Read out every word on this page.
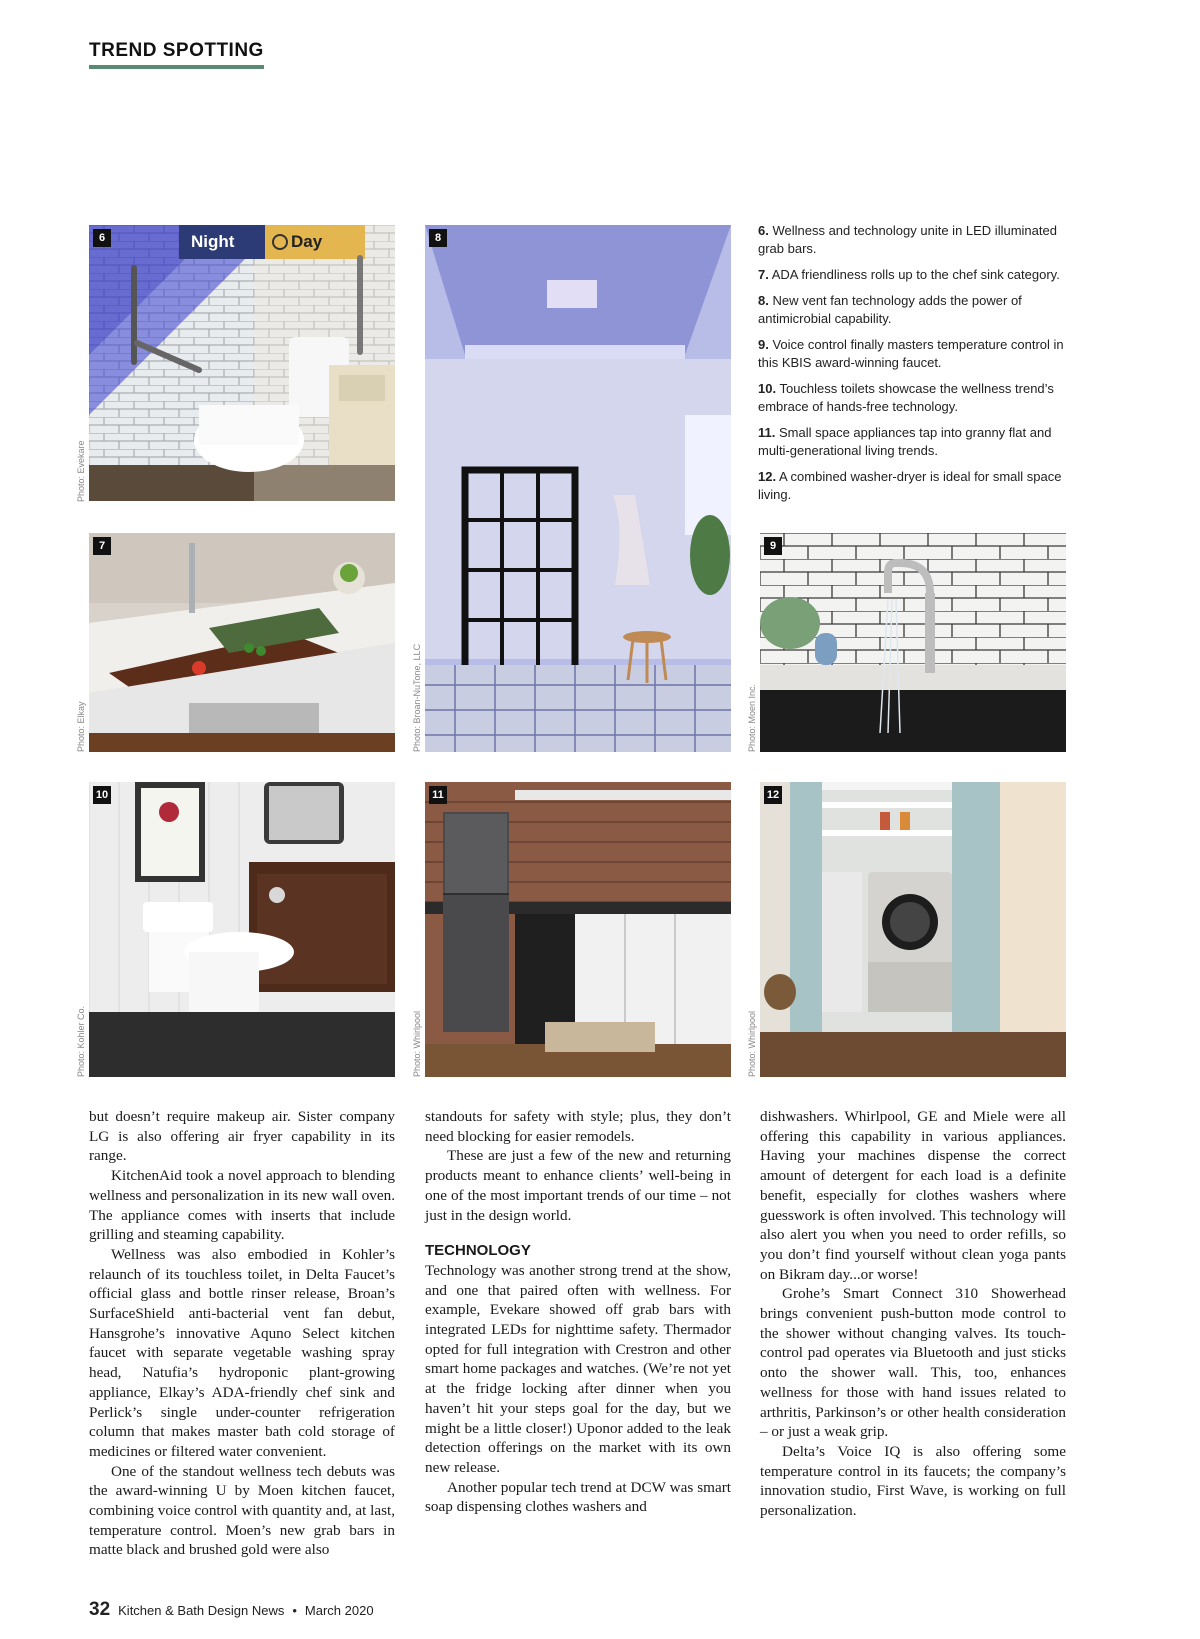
TREND SPOTTING
6	Night	Day
Photo: Evekare
7
Photo: Elkay
8
Photo: Broan-NuTone, LLC

6. Wellness and technology unite in LED illuminated grab bars.

7. ADA friendliness rolls up to the chef sink category.

8. New vent fan technology adds the power of antimicrobial capability.

9. Voice control finally masters temperature control in this KBIS award-winning faucet.

10. Touchless toilets showcase the wellness trend’s embrace of hands-free technology.

11. Small space appliances tap into granny flat and multi-generational living trends.

12. A combined washer-dryer is ideal for small space living.

9
Photo: Moen Inc.
10
Photo: Kohler Co.
11
Photo: Whirlpool
12
Photo: Whirlpool

but doesn’t require makeup air. Sister company LG is also offering air fryer capability in its range.

KitchenAid took a novel approach to blending wellness and personalization in its new wall oven. The appliance comes with inserts that include grilling and steaming capability.

Wellness was also embodied in Kohler’s relaunch of its touchless toilet, in Delta Faucet’s official glass and bottle rinser release, Broan’s SurfaceShield anti-bacterial vent fan debut, Hansgrohe’s innovative Aquno Select kitchen faucet with separate vegetable washing spray head, Natufia’s hydroponic plant-growing appliance, Elkay’s ADA-friendly chef sink and Perlick’s single under-counter refrigeration column that makes master bath cold storage of medicines or filtered water convenient.

One of the standout wellness tech debuts was the award-winning U by Moen kitchen faucet, combining voice control with quantity and, at last, temperature control. Moen’s new grab bars in matte black and brushed gold were also

standouts for safety with style; plus, they don’t need blocking for easier remodels.

These are just a few of the new and returning products meant to enhance clients’ well-being in one of the most important trends of our time – not just in the design world.

TECHNOLOGY

Technology was another strong trend at the show, and one that paired often with wellness. For example, Evekare showed off grab bars with integrated LEDs for nighttime safety. Thermador opted for full integration with Crestron and other smart home packages and watches. (We’re not yet at the fridge locking after dinner when you haven’t hit your steps goal for the day, but we might be a little closer!) Uponor added to the leak detection offerings on the market with its own new release.

Another popular tech trend at DCW was smart soap dispensing clothes washers and

dishwashers. Whirlpool, GE and Miele were all offering this capability in various appliances. Having your machines dispense the correct amount of detergent for each load is a definite benefit, especially for clothes washers where guesswork is often involved. This technology will also alert you when you need to order refills, so you don’t find yourself without clean yoga pants on Bikram day...or worse!

Grohe’s Smart Connect 310 Showerhead brings convenient push-button mode control to the shower without changing valves. Its touch-control pad operates via Bluetooth and just sticks onto the shower wall. This, too, enhances wellness for those with hand issues related to arthritis, Parkinson’s or other health consideration – or just a weak grip.

Delta’s Voice IQ is also offering some temperature control in its faucets; the company’s innovation studio, First Wave, is working on full personalization.

32 Kitchen & Bath Design News • March 2020
